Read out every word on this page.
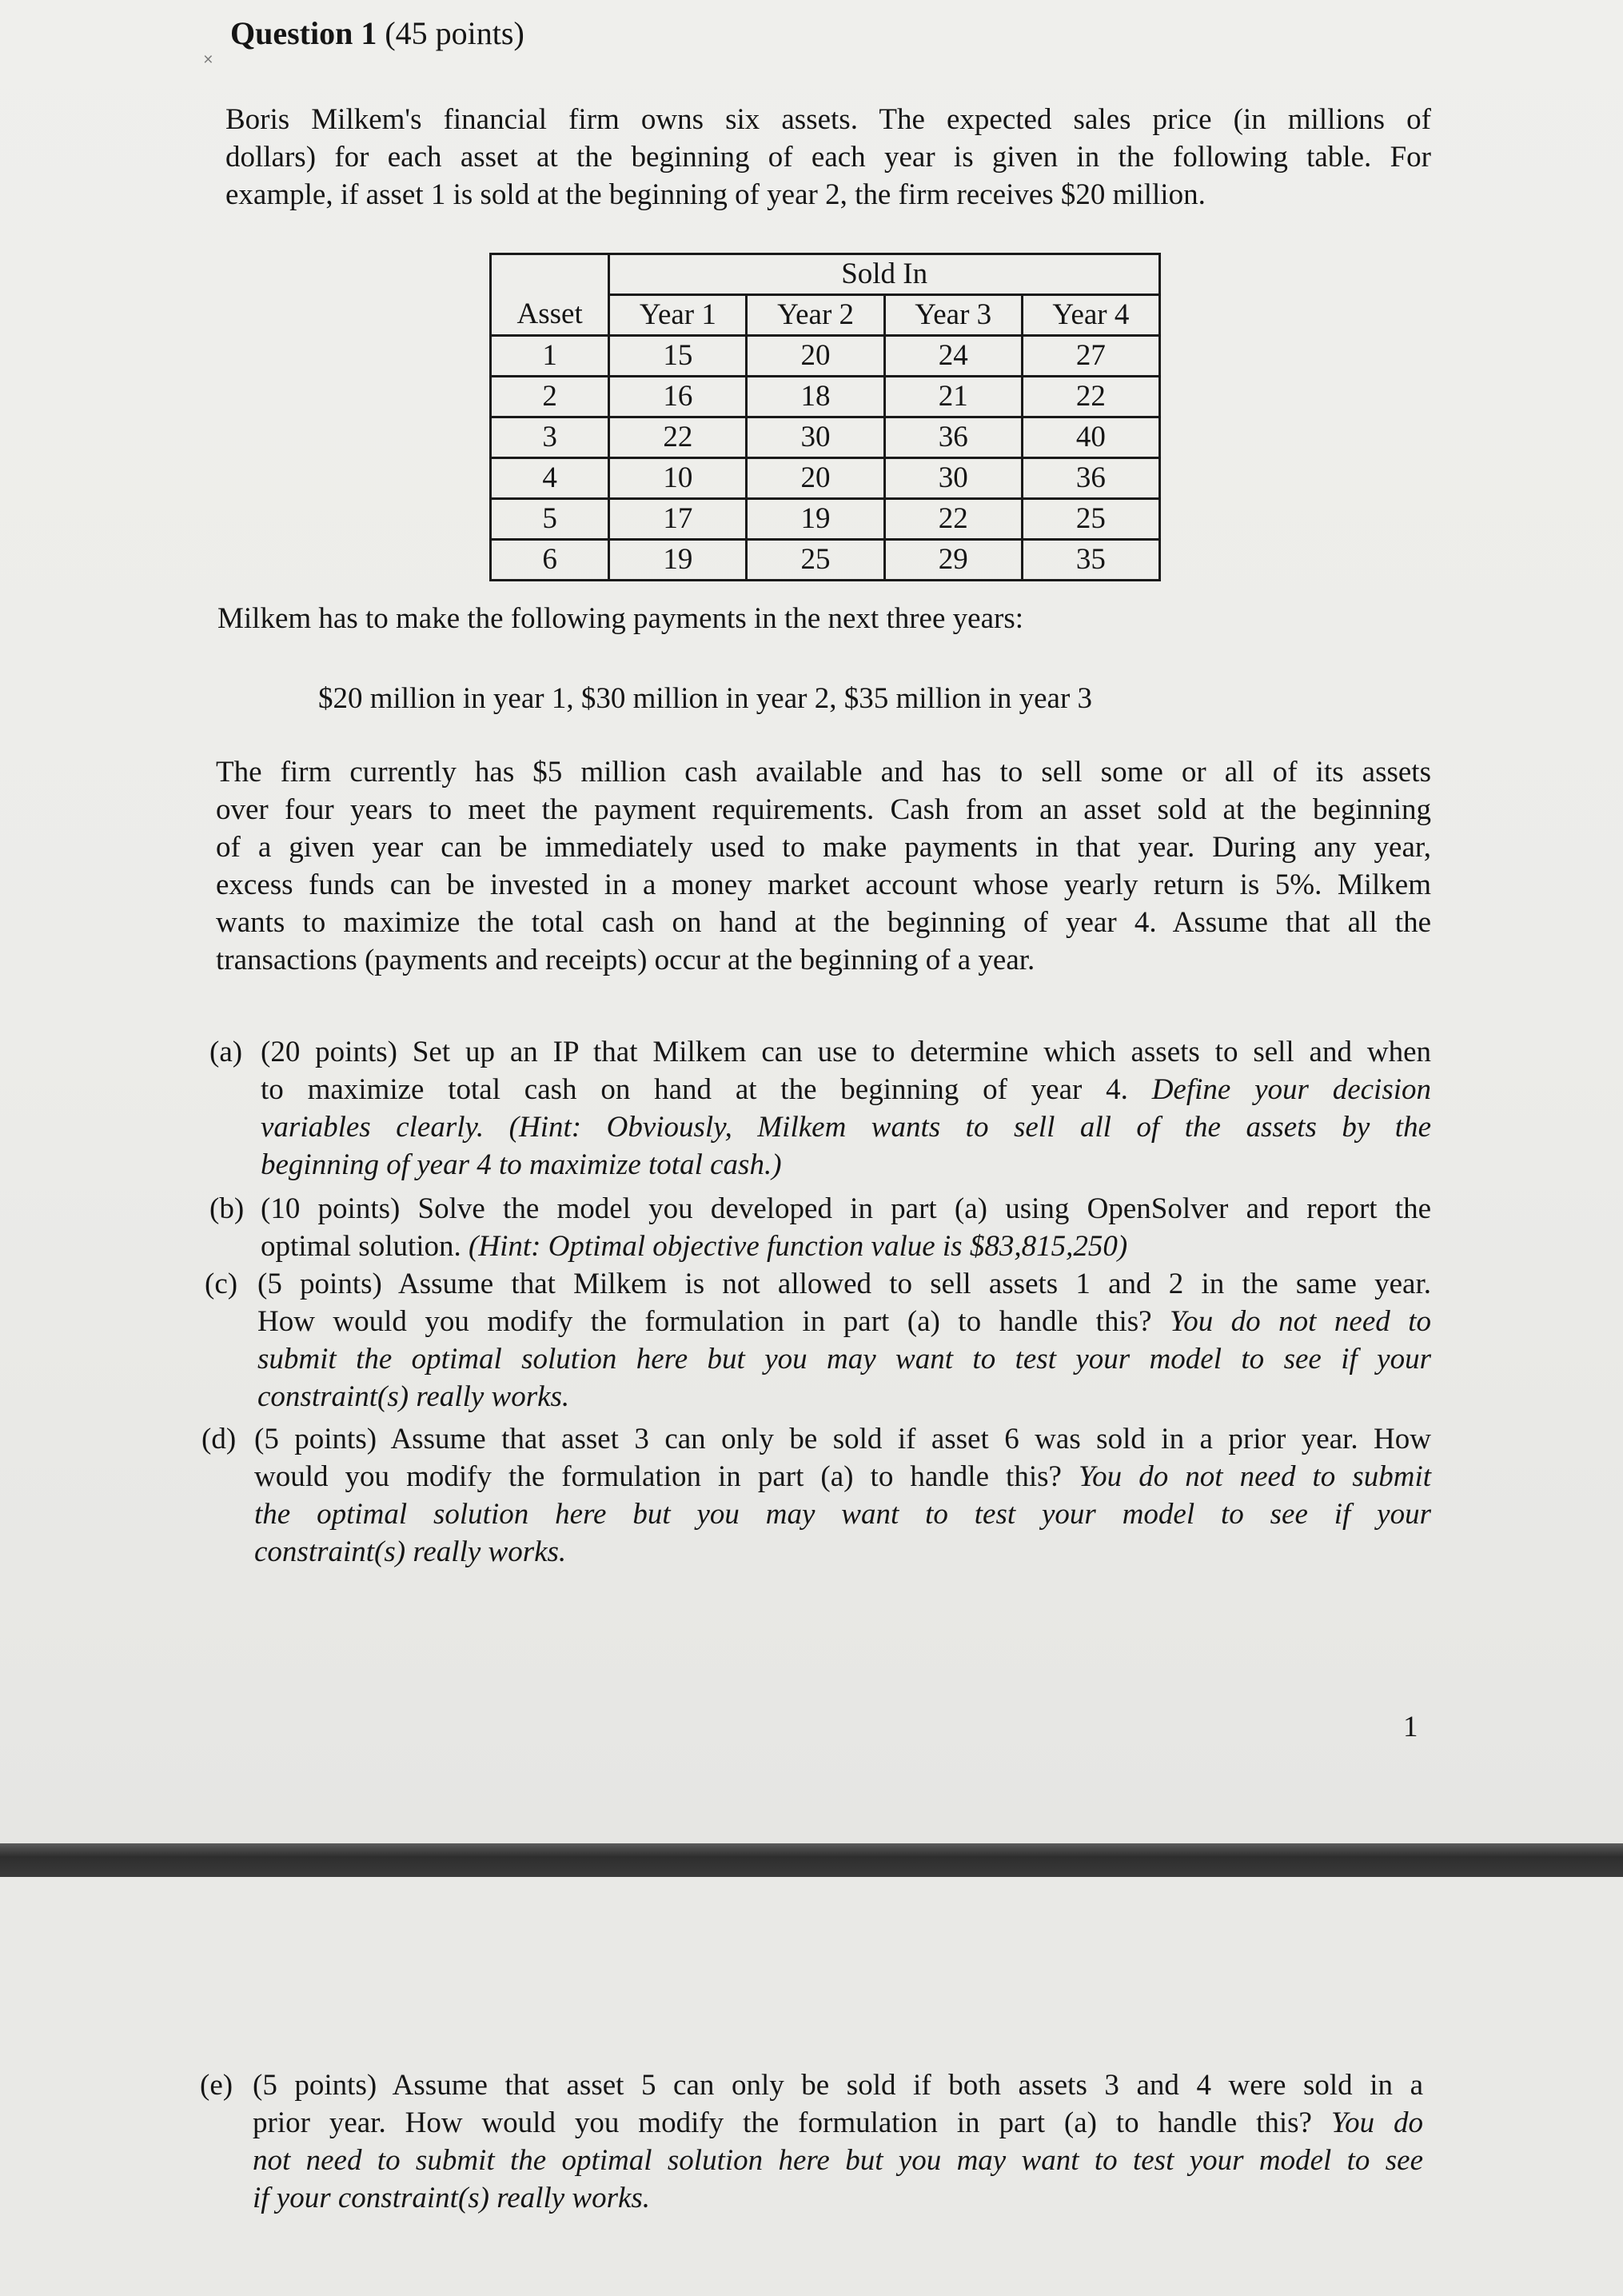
Question 1 (45 points)
˟
Boris Milkem's financial firm owns six assets. The expected sales price (in millions of
dollars) for each asset at the beginning of each year is given in the following table. For
example, if asset 1 is sold at the beginning of year 2, the firm receives $20 million.
	Sold In			
Asset	Year 1	Year 2	Year 3	Year 4
1	15	20	24	27
2	16	18	21	22
3	22	30	36	40
4	10	20	30	36
5	17	19	22	25
6	19	25	29	35
Milkem has to make the following payments in the next three years:
$20 million in year 1, $30 million in year 2, $35 million in year 3
The firm currently has $5 million cash available and has to sell some or all of its assets
over four years to meet the payment requirements. Cash from an asset sold at the beginning
of a given year can be immediately used to make payments in that year. During any year,
excess funds can be invested in a money market account whose yearly return is 5%. Milkem
wants to maximize the total cash on hand at the beginning of year 4. Assume that all the
transactions (payments and receipts) occur at the beginning of a year.
(a) (20 points) Set up an IP that Milkem can use to determine which assets to sell and when
to maximize total cash on hand at the beginning of year 4. Define your decision
variables clearly. (Hint: Obviously, Milkem wants to sell all of the assets by the
beginning of year 4 to maximize total cash.)
(b) (10 points) Solve the model you developed in part (a) using OpenSolver and report the
optimal solution. (Hint: Optimal objective function value is $83,815,250)
(c) (5 points) Assume that Milkem is not allowed to sell assets 1 and 2 in the same year.
How would you modify the formulation in part (a) to handle this? You do not need to
submit the optimal solution here but you may want to test your model to see if your
constraint(s) really works.
(d) (5 points) Assume that asset 3 can only be sold if asset 6 was sold in a prior year. How
would you modify the formulation in part (a) to handle this? You do not need to submit
the optimal solution here but you may want to test your model to see if your
constraint(s) really works.
1
(e) (5 points) Assume that asset 5 can only be sold if both assets 3 and 4 were sold in a
prior year. How would you modify the formulation in part (a) to handle this? You do
not need to submit the optimal solution here but you may want to test your model to see
if your constraint(s) really works.
